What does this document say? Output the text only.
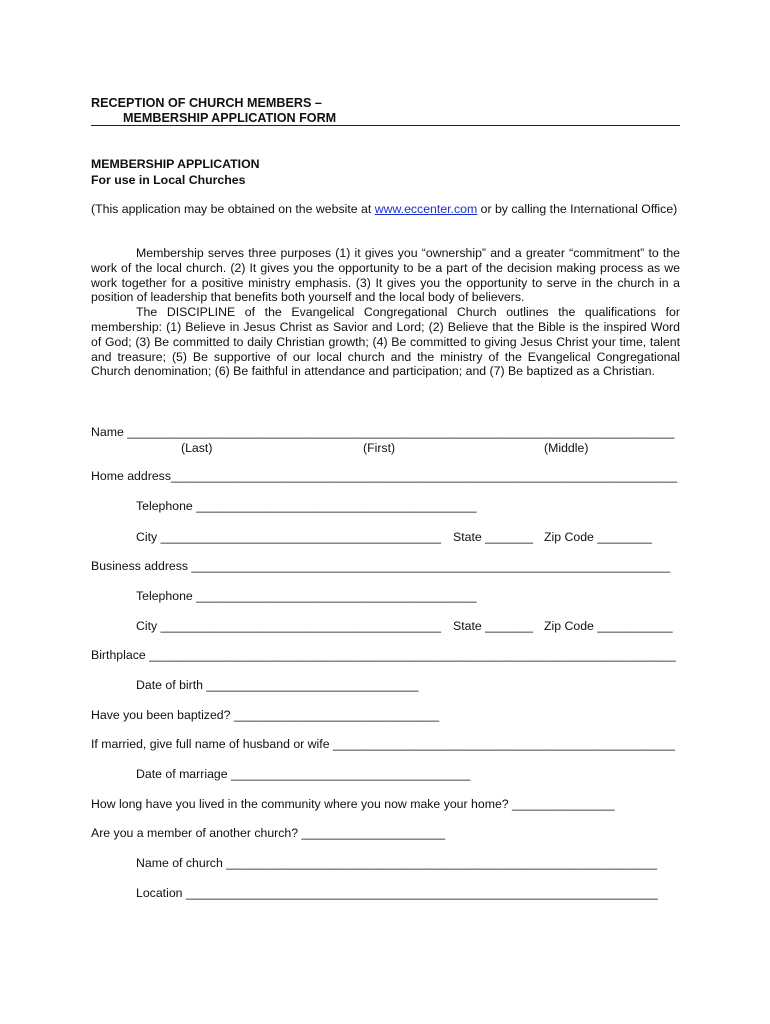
RECEPTION OF CHURCH MEMBERS –
MEMBERSHIP APPLICATION FORM
MEMBERSHIP APPLICATION
For use in Local Churches
(This application may be obtained on the website at www.eccenter.com or by calling the International Office)

Membership serves three purposes (1) it gives you “ownership” and a greater “commitment” to the work of the local church. (2) It gives you the opportunity to be a part of the decision making process as we work together for a positive ministry emphasis. (3) It gives you the opportunity to serve in the church in a position of leadership that benefits both yourself and the local body of believers.

The DISCIPLINE of the Evangelical Congregational Church outlines the qualifications for membership: (1) Believe in Jesus Christ as Savior and Lord; (2) Believe that the Bible is the inspired Word of God; (3) Be committed to daily Christian growth; (4) Be committed to giving Jesus Christ your time, talent and treasure; (5) Be supportive of our local church and the ministry of the Evangelical Congregational Church denomination; (6) Be faithful in attendance and participation; and (7) Be baptized as a Christian.

Name ________________________________________________________________________________
(Last)	(First)	(Middle)
Home address__________________________________________________________________________
Telephone _________________________________________
City _________________________________________ State _______ Zip Code ________
Business address ______________________________________________________________________
Telephone _________________________________________
City _________________________________________ State _______ Zip Code ___________
Birthplace _____________________________________________________________________________
Date of birth _______________________________
Have you been baptized? ______________________________
If married, give full name of husband or wife __________________________________________________
Date of marriage ___________________________________
How long have you lived in the community where you now make your home? _______________
Are you a member of another church? _____________________
Name of church _______________________________________________________________
Location _____________________________________________________________________
